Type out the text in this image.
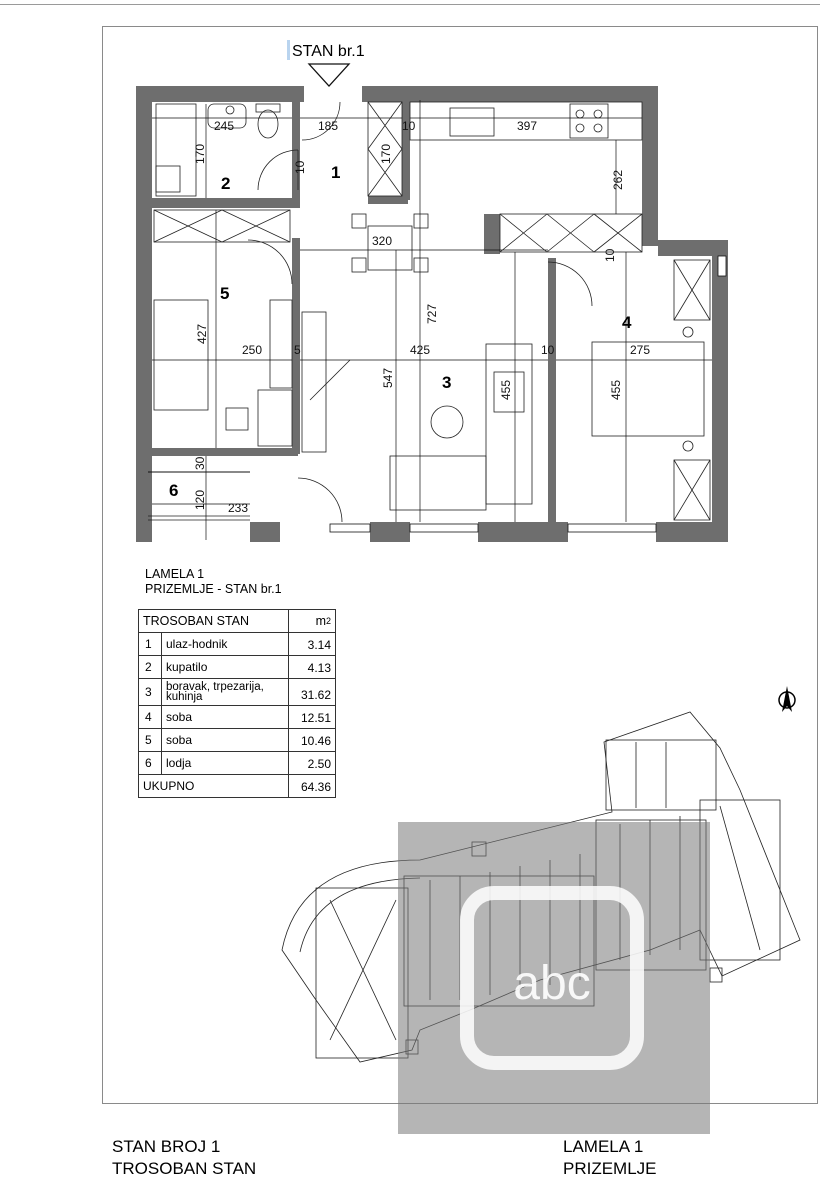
STAN br.1
245	185	10	397
170
10
170
262
320
10
727
427
250	5	425	10	275
547
455	455
30
120 233
1
2
3
4
5
6
LAMELA 1
PRIZEMLJE - STAN br.1
TROSOBAN STAN		$m^2$
1	ulaz-hodnik	3.14
2	kupatilo	4.13
3	boravak, trpezarija, kuhinja	31.62
4	soba	12.51
5	soba	10.46
6	lodja	2.50
UKUPNO		64.36
abc
STAN BROJ 1
TROSOBAN STAN
LAMELA 1
PRIZEMLJE
